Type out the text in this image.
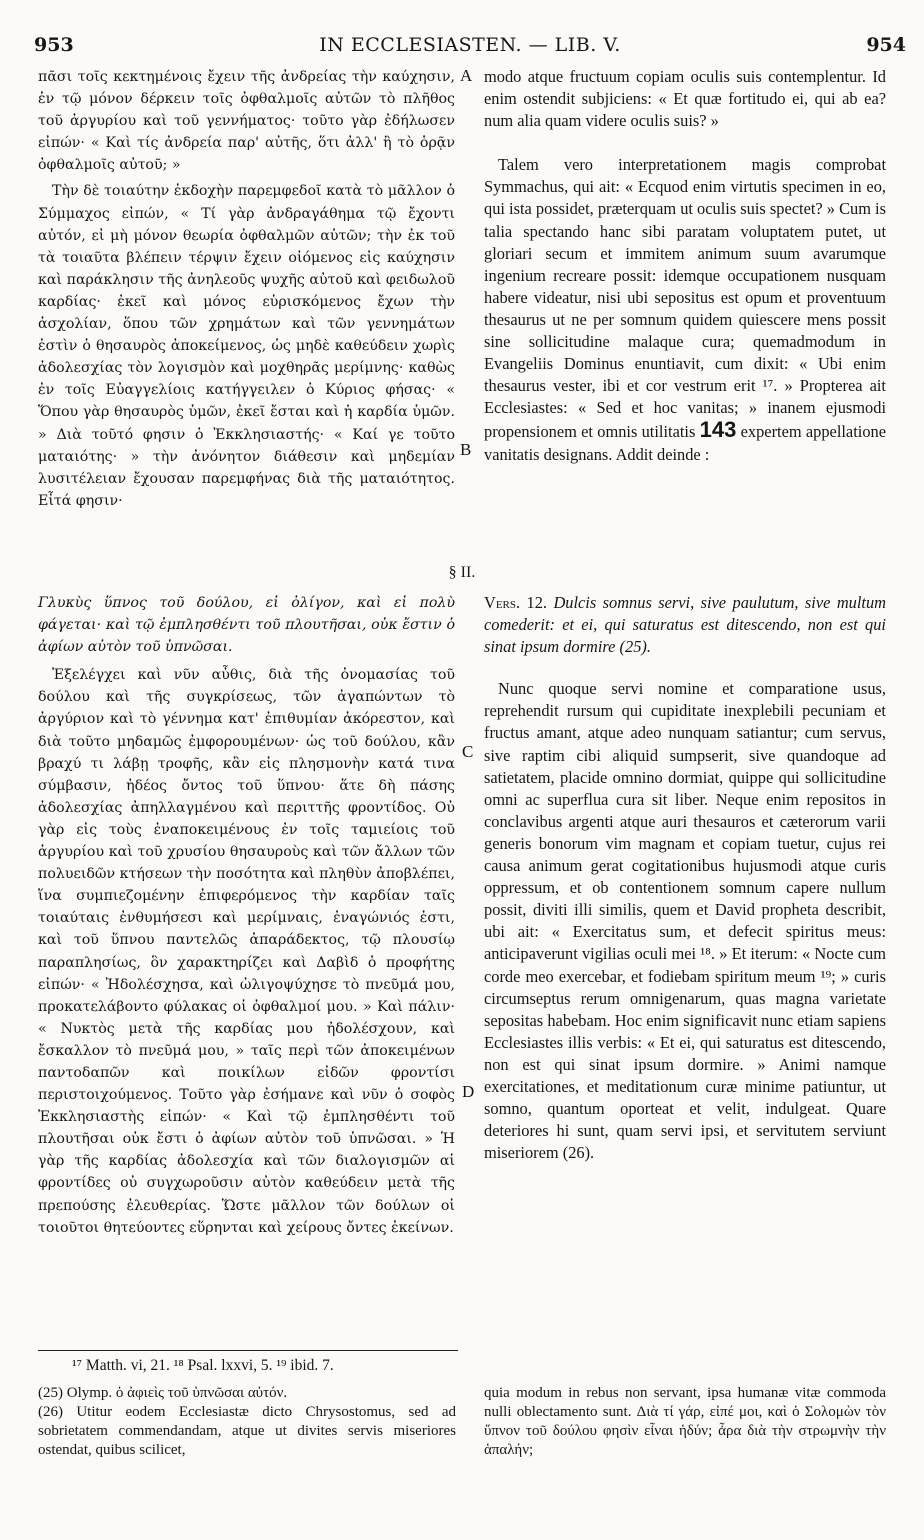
953	IN ECCLESIASTEN. — LIB. V.	954

πᾶσι τοῖς κεκτημένοις ἔχειν τῆς ἀνδρείας τὴν καύχησιν, ἐν τῷ μόνον δέρκειν τοῖς ὀφθαλμοῖς αὐτῶν τὸ πλῆθος τοῦ ἀργυρίου καὶ τοῦ γεννήματος· τοῦτο γὰρ ἐδήλωσεν εἰπών· « Καὶ τίς ἀνδρεία παρ' αὐτῆς, ὅτι ἀλλ' ἢ τὸ ὁρᾷν ὀφθαλμοῖς αὐτοῦ; »

Τὴν δὲ τοιαύτην ἐκδοχὴν παρεμφεδοῖ κατὰ τὸ μᾶλλον ὁ Σύμμαχος εἰπών, « Τί γὰρ ἀνδραγάθημα τῷ ἔχοντι αὐτόν, εἰ μὴ μόνον θεωρία ὀφθαλμῶν αὐτῶν; τὴν ἐκ τοῦ τὰ τοιαῦτα βλέπειν τέρψιν ἔχειν οἰόμενος εἰς καύχησιν καὶ παράκλησιν τῆς ἀνηλεοῦς ψυχῆς αὐτοῦ καὶ φειδωλοῦ καρδίας· ἐκεῖ καὶ μόνος εὑρισκόμενος ἔχων τὴν ἀσχολίαν, ὅπου τῶν χρημάτων καὶ τῶν γεννημάτων ἐστὶν ὁ θησαυρὸς ἀποκείμενος, ὡς μηδὲ καθεύδειν χωρὶς ἀδολεσχίας τὸν λογισμὸν καὶ μοχθηρᾶς μερίμνης· καθὼς ἐν τοῖς Εὐαγγελίοις κατήγγειλεν ὁ Κύριος φήσας· « Ὅπου γὰρ θησαυρὸς ὑμῶν, ἐκεῖ ἔσται καὶ ἡ καρδία ὑμῶν. » Διὰ τοῦτό φησιν ὁ Ἐκκλησιαστής· « Καί γε τοῦτο ματαιότης· » τὴν ἀνόνητον διάθεσιν καὶ μηδεμίαν λυσιτέλειαν ἔχουσαν παρεμφήνας διὰ τῆς ματαιότητος. Εἶτά φησιν·

modo atque fructuum copiam oculis suis contemplentur. Id enim ostendit subjiciens: « Et quæ fortitudo ei, qui ab ea? num alia quam videre oculis suis? »

Talem vero interpretationem magis comprobat Symmachus, qui ait: « Ecquod enim virtutis specimen in eo, qui ista possidet, præterquam ut oculis suis spectet? » Cum is talia spectando hanc sibi paratam voluptatem putet, ut gloriari secum et immitem animum suum avarumque ingenium recreare possit: idemque occupationem nusquam habere videatur, nisi ubi sepositus est opum et proventuum thesaurus ut ne per somnum quidem quiescere mens possit sine sollicitudine malaque cura; quemadmodum in Evangeliis Dominus enuntiavit, cum dixit: « Ubi enim thesaurus vester, ibi et cor vestrum erit ¹⁷. » Propterea ait Ecclesiastes: « Sed et hoc vanitas; » inanem ejusmodi propensionem et omnis utilitatis 143 expertem appellatione vanitatis designans. Addit deinde :

A
B
§ II.

Γλυκὺς ὕπνος τοῦ δούλου, εἰ ὀλίγον, καὶ εἰ πολὺ φάγεται· καὶ τῷ ἐμπλησθέντι τοῦ πλουτῆσαι, οὐκ ἔστιν ὁ ἀφίων αὐτὸν τοῦ ὑπνῶσαι.

Ἐξελέγχει καὶ νῦν αὖθις, διὰ τῆς ὀνομασίας τοῦ δούλου καὶ τῆς συγκρίσεως, τῶν ἀγαπώντων τὸ ἀργύριον καὶ τὸ γέννημα κατ' ἐπιθυμίαν ἀκόρεστον, καὶ διὰ τοῦτο μηδαμῶς ἐμφορουμένων· ὡς τοῦ δούλου, κἂν βραχύ τι λάβῃ τροφῆς, κἂν εἰς πλησμονὴν κατά τινα σύμβασιν, ἡδέος ὄντος τοῦ ὕπνου· ἅτε δὴ πάσης ἀδολεσχίας ἀπηλλαγμένου καὶ περιττῆς φροντίδος. Οὐ γὰρ εἰς τοὺς ἐναποκειμένους ἐν τοῖς ταμιείοις τοῦ ἀργυρίου καὶ τοῦ χρυσίου θησαυροὺς καὶ τῶν ἄλλων τῶν πολυειδῶν κτήσεων τὴν ποσότητα καὶ πληθὺν ἀποβλέπει, ἵνα συμπιεζομένην ἐπιφερόμενος τὴν καρδίαν ταῖς τοιαύταις ἐνθυμήσεσι καὶ μερίμναις, ἐναγώνιός ἐστι, καὶ τοῦ ὕπνου παντελῶς ἀπαράδεκτος, τῷ πλουσίῳ παραπλησίως, ὃν χαρακτηρίζει καὶ Δαβὶδ ὁ προφήτης εἰπών· « Ἠδολέσχησα, καὶ ὠλιγοψύχησε τὸ πνεῦμά μου, προκατελάβοντο φύλακας οἱ ὀφθαλμοί μου. » Καὶ πάλιν· « Νυκτὸς μετὰ τῆς καρδίας μου ἠδολέσχουν, καὶ ἔσκαλλον τὸ πνεῦμά μου, » ταῖς περὶ τῶν ἀποκειμένων παντοδαπῶν καὶ ποικίλων εἰδῶν φροντίσι περιστοιχούμενος. Τοῦτο γὰρ ἐσήμανε καὶ νῦν ὁ σοφὸς Ἐκκλησιαστὴς εἰπών· « Καὶ τῷ ἐμπλησθέντι τοῦ πλουτῆσαι οὐκ ἔστι ὁ ἀφίων αὐτὸν τοῦ ὑπνῶσαι. » Ἡ γὰρ τῆς καρδίας ἀδολεσχία καὶ τῶν διαλογισμῶν αἱ φροντίδες οὐ συγχωροῦσιν αὐτὸν καθεύδειν μετὰ τῆς πρεπούσης ἐλευθερίας. Ὥστε μᾶλλον τῶν δούλων οἱ τοιοῦτοι θητεύοντες εὕρηνται καὶ χείρους ὄντες ἐκείνων.

Vers. 12. Dulcis somnus servi, sive paulutum, sive multum comederit: et ei, qui saturatus est ditescendo, non est qui sinat ipsum dormire (25).

Nunc quoque servi nomine et comparatione usus, reprehendit rursum qui cupiditate inexplebili pecuniam et fructus amant, atque adeo nunquam satiantur; cum servus, sive raptim cibi aliquid sumpserit, sive quandoque ad satietatem, placide omnino dormiat, quippe qui sollicitudine omni ac superflua cura sit liber. Neque enim repositos in conclavibus argenti atque auri thesauros et cæterorum varii generis bonorum vim magnam et copiam tuetur, cujus rei causa animum gerat cogitationibus hujusmodi atque curis oppressum, et ob contentionem somnum capere nullum possit, diviti illi similis, quem et David propheta describit, ubi ait: « Exercitatus sum, et defecit spiritus meus: anticipaverunt vigilias oculi mei ¹⁸. » Et iterum: « Nocte cum corde meo exercebar, et fodiebam spiritum meum ¹⁹; » curis circumseptus rerum omnigenarum, quas magna varietate sepositas habebam. Hoc enim significavit nunc etiam sapiens Ecclesiastes illis verbis: « Et ei, qui saturatus est ditescendo, non est qui sinat ipsum dormire. » Animi namque exercitationes, et meditationum curæ minime patiuntur, ut somno, quantum oporteat et velit, indulgeat. Quare deteriores hi sunt, quam servi ipsi, et servitutem serviunt miseriorem (26).

C
D
¹⁷ Matth. vi, 21. ¹⁸ Psal. lxxvi, 5. ¹⁹ ibid. 7.

(25) Olymp. ὁ ἀφιεὶς τοῦ ὑπνῶσαι αὐτόν.

(26) Utitur eodem Ecclesiastæ dicto Chrysostomus, sed ad sobrietatem commendandam, atque ut divites servis miseriores ostendat, quibus scilicet,

quia modum in rebus non servant, ipsa humanæ vitæ commoda nulli oblectamento sunt. Διὰ τί γάρ, εἰπέ μοι, καὶ ὁ Σολομὼν τὸν ὕπνον τοῦ δούλου φησὶν εἶναι ἡδύν; ἆρα διὰ τὴν στρωμνὴν τὴν ἁπαλήν;
